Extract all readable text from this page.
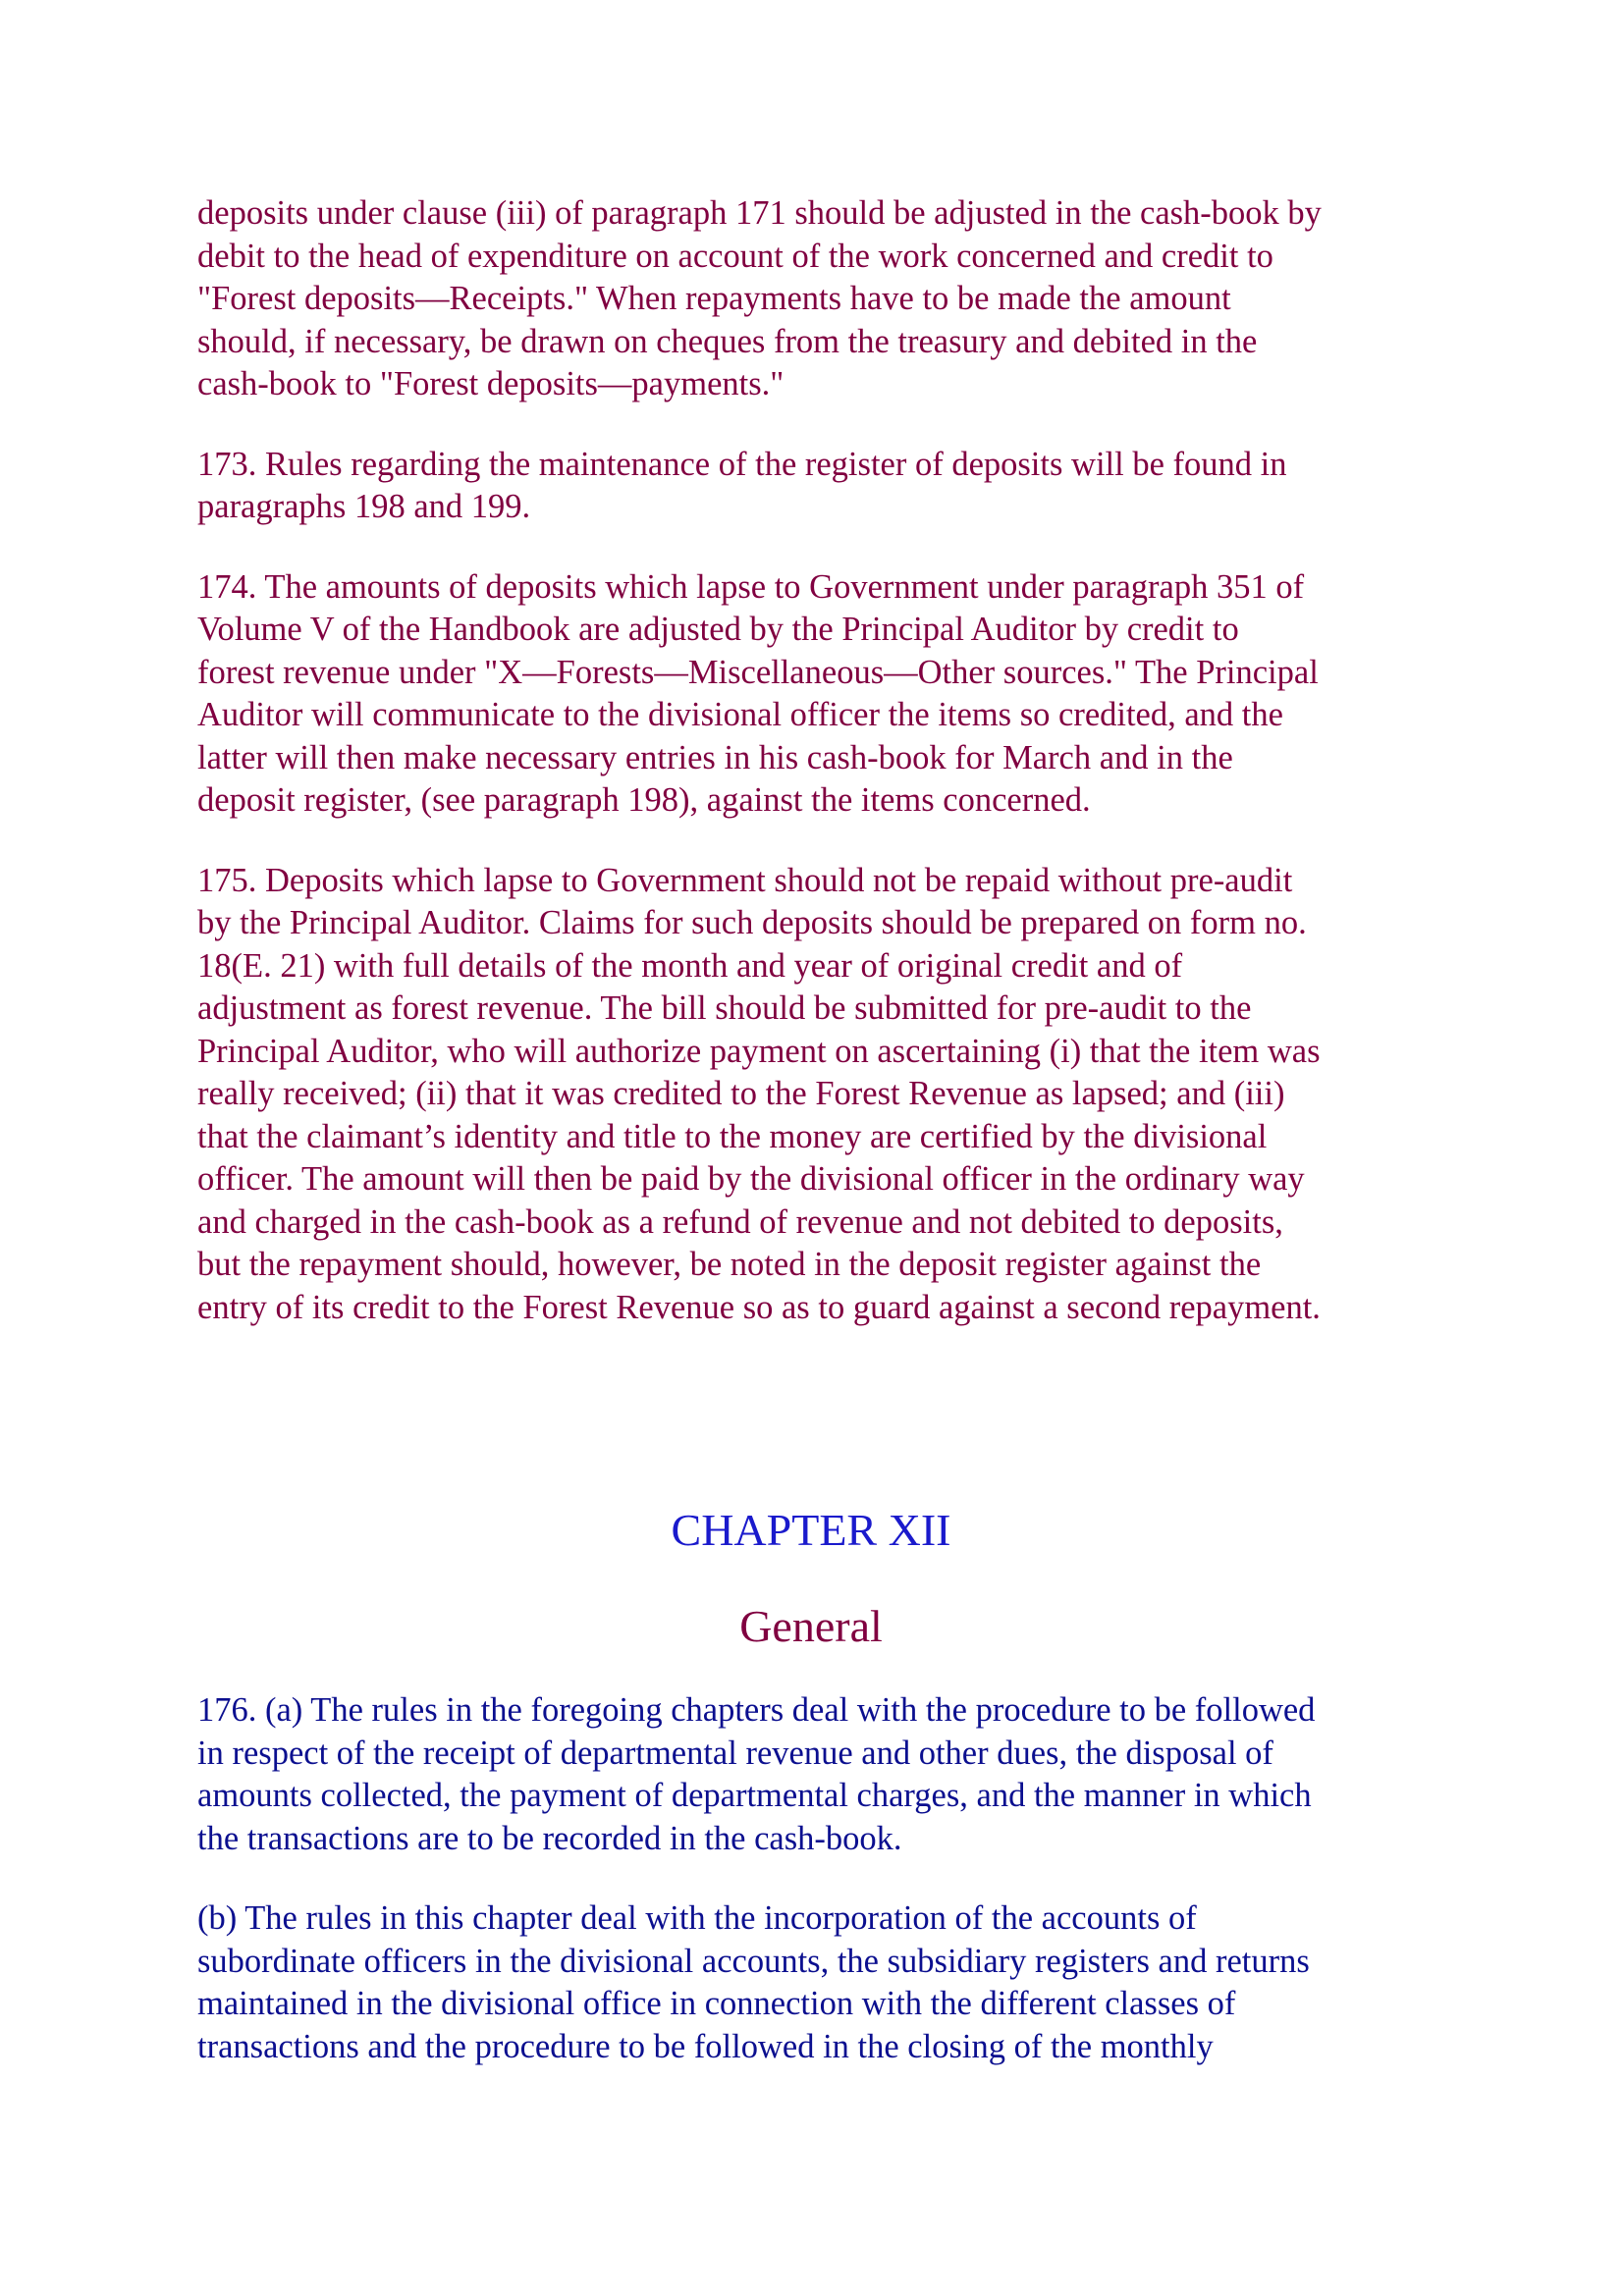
deposits under clause (iii) of paragraph 171 should be adjusted in the cash-book by
debit to the head of expenditure on account of the work concerned and credit to
"Forest deposits—Receipts." When repayments have to be made the amount
should, if necessary, be drawn on cheques from the treasury and debited in the
cash-book to "Forest deposits—payments."

173. Rules regarding the maintenance of the register of deposits will be found in
paragraphs 198 and 199.

174. The amounts of deposits which lapse to Government under paragraph 351 of
Volume V of the Handbook are adjusted by the Principal Auditor by credit to
forest revenue under "X—Forests—Miscellaneous—Other sources." The Principal
Auditor will communicate to the divisional officer the items so credited, and the
latter will then make necessary entries in his cash-book for March and in the
deposit register, (see paragraph 198), against the items concerned.

175. Deposits which lapse to Government should not be repaid without pre-audit
by the Principal Auditor. Claims for such deposits should be prepared on form no.
18(E. 21) with full details of the month and year of original credit and of
adjustment as forest revenue. The bill should be submitted for pre-audit to the
Principal Auditor, who will authorize payment on ascertaining (i) that the item was
really received; (ii) that it was credited to the Forest Revenue as lapsed; and (iii)
that the claimant’s identity and title to the money are certified by the divisional
officer. The amount will then be paid by the divisional officer in the ordinary way
and charged in the cash-book as a refund of revenue and not debited to deposits,
but the repayment should, however, be noted in the deposit register against the
entry of its credit to the Forest Revenue so as to guard against a second repayment.

CHAPTER XII
General

176. (a) The rules in the foregoing chapters deal with the procedure to be followed
in respect of the receipt of departmental revenue and other dues, the disposal of
amounts collected, the payment of departmental charges, and the manner in which
the transactions are to be recorded in the cash-book.

(b) The rules in this chapter deal with the incorporation of the accounts of
subordinate officers in the divisional accounts, the subsidiary registers and returns
maintained in the divisional office in connection with the different classes of
transactions and the procedure to be followed in the closing of the monthly
